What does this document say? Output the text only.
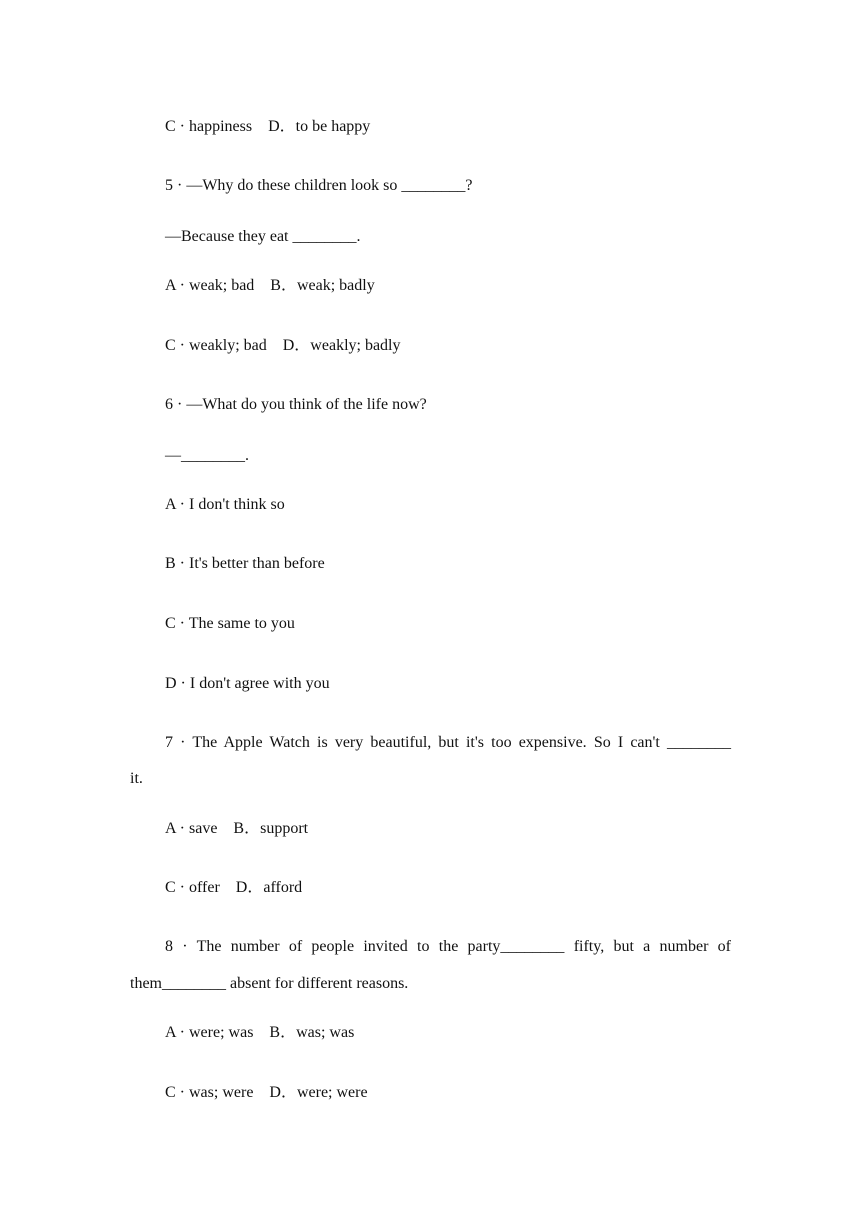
C · happiness    D．to be happy
5 · —Why do these children look so ________?
—Because they eat ________.
A · weak; bad    B．weak; badly
C · weakly; bad    D．weakly; badly
6 · —What do you think of the life now?
—________.
A · I don't think so
B · It's better than before
C · The same to you
D · I don't agree with you
7 · The Apple Watch is very beautiful, but it's too expensive. So I can't ________
it.
A · save    B．support
C · offer    D．afford
8 · The number of people invited to the party________ fifty, but a number of
them________ absent for different reasons.
A · were; was    B．was; was
C · was; were    D．were; were
